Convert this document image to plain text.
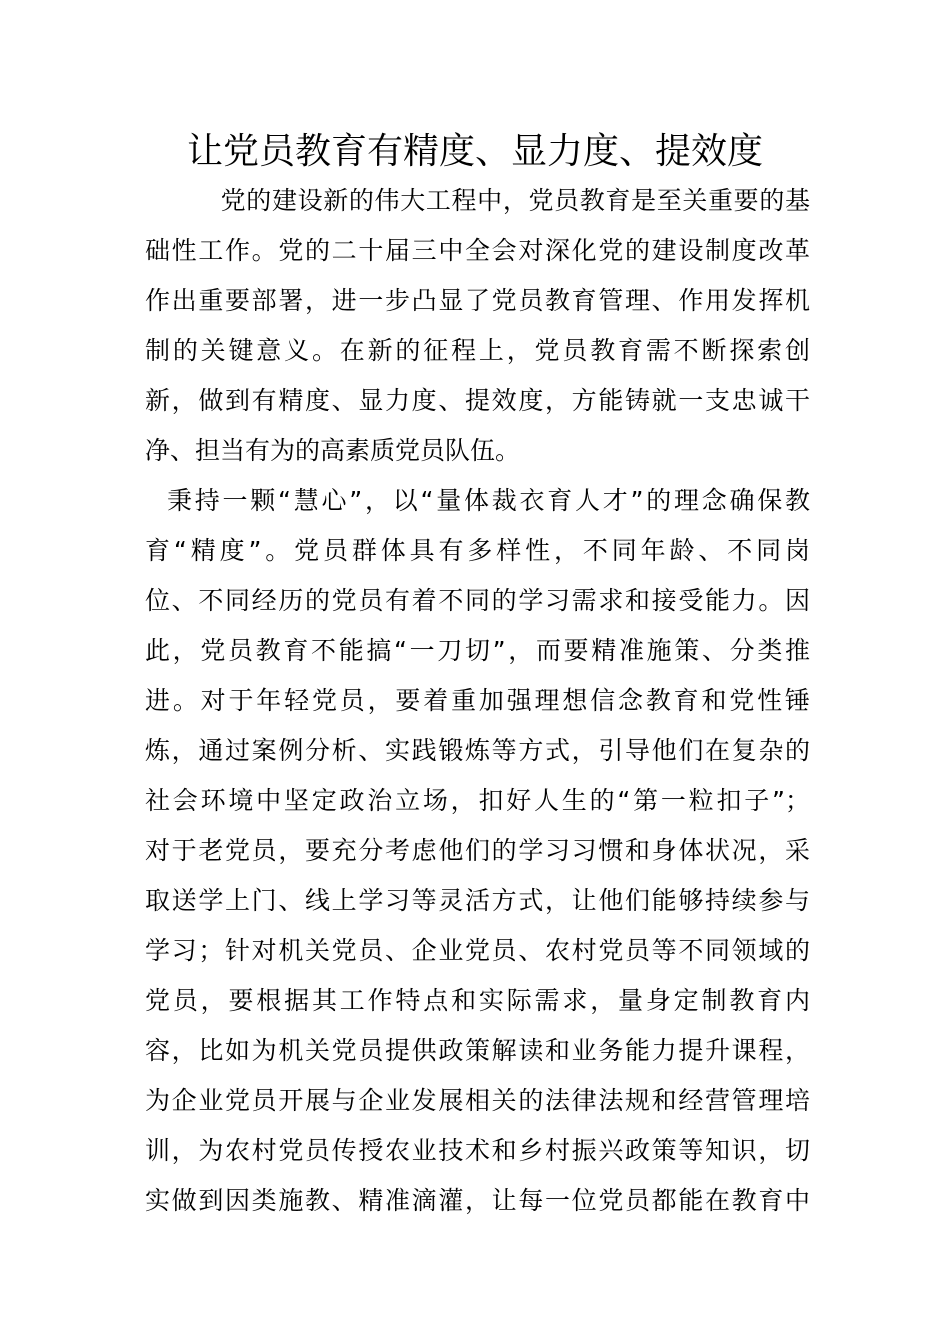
让党员教育有精度、显力度、提效度
　党的建设新的伟大工程中，党员教育是至关重要的基
础性工作。党的二十届三中全会对深化党的建设制度改革
作出重要部署，进一步凸显了党员教育管理、作用发挥机
制的关键意义。在新的征程上，党员教育需不断探索创
新，做到有精度、显力度、提效度，方能铸就一支忠诚干
净、担当有为的高素质党员队伍。
秉持一颗“慧心”，以“量体裁衣育人才”的理念确保教
育“精度”。党员群体具有多样性，不同年龄、不同岗
位、不同经历的党员有着不同的学习需求和接受能力。因
此，党员教育不能搞“一刀切”，而要精准施策、分类推
进。对于年轻党员，要着重加强理想信念教育和党性锤
炼，通过案例分析、实践锻炼等方式，引导他们在复杂的
社会环境中坚定政治立场，扣好人生的“第一粒扣子”；
对于老党员，要充分考虑他们的学习习惯和身体状况，采
取送学上门、线上学习等灵活方式，让他们能够持续参与
学习；针对机关党员、企业党员、农村党员等不同领域的
党员，要根据其工作特点和实际需求，量身定制教育内
容，比如为机关党员提供政策解读和业务能力提升课程，
为企业党员开展与企业发展相关的法律法规和经营管理培
训，为农村党员传授农业技术和乡村振兴政策等知识，切
实做到因类施教、精准滴灌，让每一位党员都能在教育中
